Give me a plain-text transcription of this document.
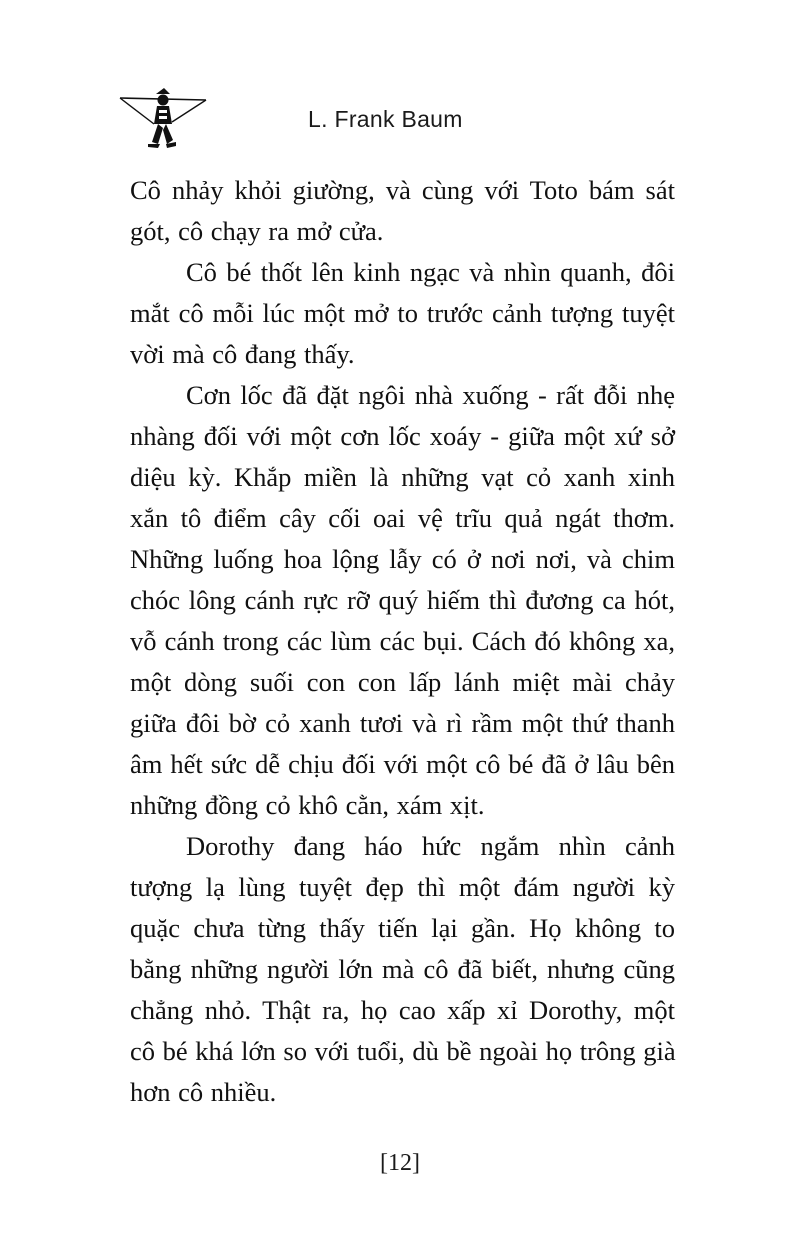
L. Frank Baum

Cô nhảy khỏi giường, và cùng với Toto bám sát
gót, cô chạy ra mở cửa.

Cô bé thốt lên kinh ngạc và nhìn quanh, đôi
mắt cô mỗi lúc một mở to trước cảnh tượng tuyệt
vời mà cô đang thấy.

Cơn lốc đã đặt ngôi nhà xuống - rất đỗi nhẹ
nhàng đối với một cơn lốc xoáy - giữa một xứ sở
diệu kỳ. Khắp miền là những vạt cỏ xanh xinh
xắn tô điểm cây cối oai vệ trĩu quả ngát thơm.
Những luống hoa lộng lẫy có ở nơi nơi, và chim
chóc lông cánh rực rỡ quý hiếm thì đương ca hót,
vỗ cánh trong các lùm các bụi. Cách đó không xa,
một dòng suối con con lấp lánh miệt mài chảy
giữa đôi bờ cỏ xanh tươi và rì rầm một thứ thanh
âm hết sức dễ chịu đối với một cô bé đã ở lâu bên
những đồng cỏ khô cằn, xám xịt.

Dorothy đang háo hức ngắm nhìn cảnh
tượng lạ lùng tuyệt đẹp thì một đám người kỳ
quặc chưa từng thấy tiến lại gần. Họ không to
bằng những người lớn mà cô đã biết, nhưng cũng
chẳng nhỏ. Thật ra, họ cao xấp xỉ Dorothy, một
cô bé khá lớn so với tuổi, dù bề ngoài họ trông già
hơn cô nhiều.

[12]
